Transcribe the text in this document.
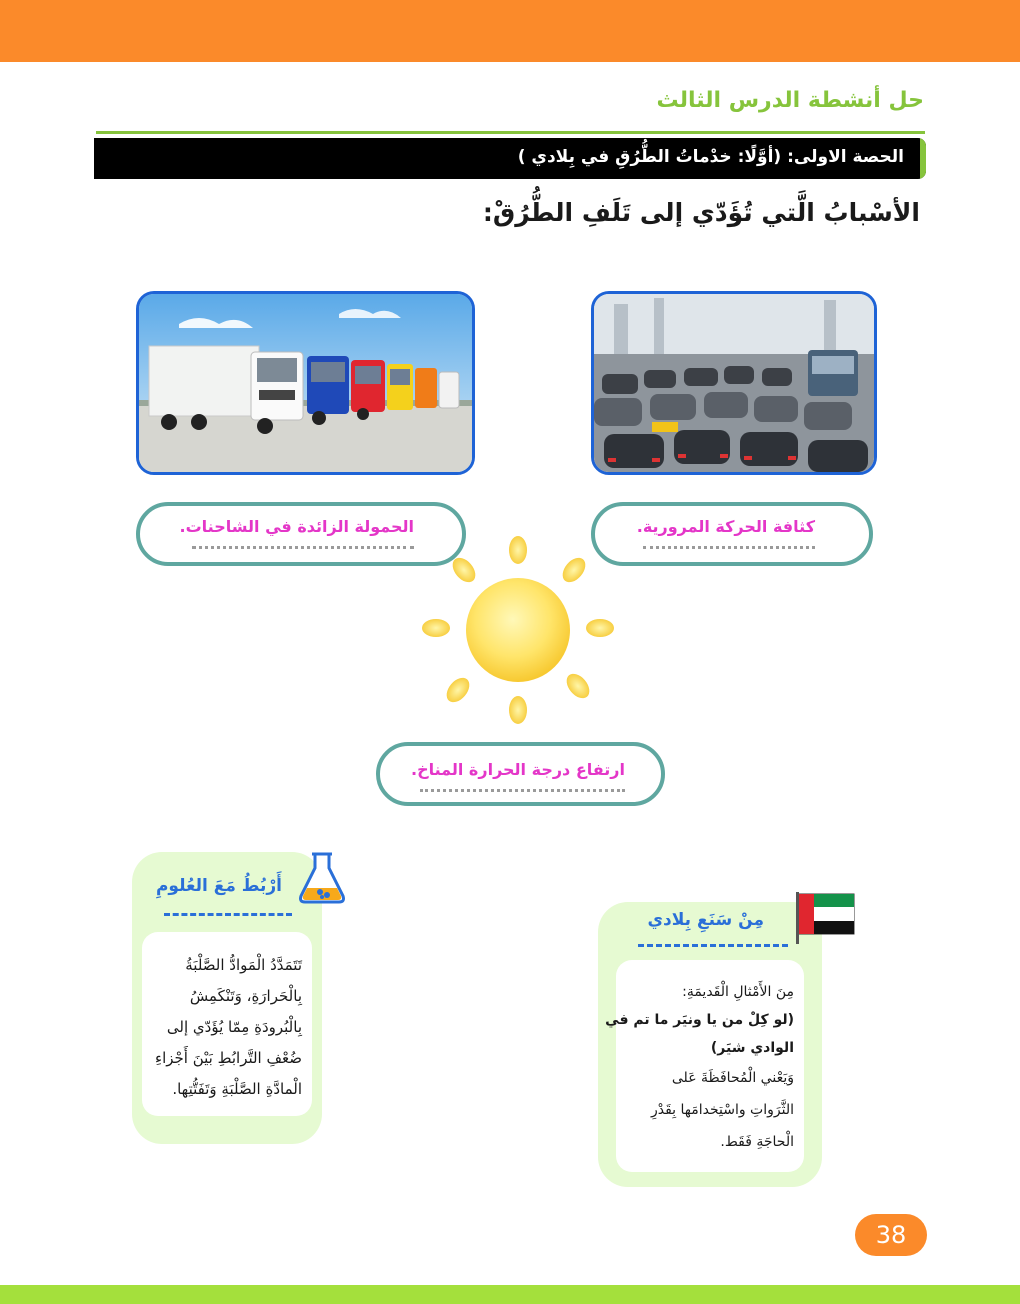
حل أنشطة الدرس الثالث
الحصة الاولى: (أوَّلًا: خدْماتُ الطُّرُقِ في بِلادي )
الأسْبابُ الَّتي تُؤَدّي إلى تَلَفِ الطُّرُقْ:
الحمولة الزائدة في الشاحنات.	كثافة الحركة المرورية.
ارتفاع درجة الحرارة المناخ.
أَرْبُطُ مَعَ العُلومِ

تَتَمَدَّدُ الْمَوادُّ الصَّلْبَةُ بِالْحَرارَةِ، وَتَنْكَمِشُ بِالْبُرودَةِ مِمّا يُؤَدّي إلى ضُعْفِ التَّرابُطِ بَيْنَ أَجْزاءِ الْمادَّةِ الصَّلْبَةِ وَتَفَتُّتِها.

مِنْ سَنَعِ بِلادي
مِنَ الأَمْثالِ الْقَديمَةِ:
(لو كِلْ من يا ونيَر ما تم في
الوادي شيَر)
وَيَعْني الْمُحافَظَةَ عَلى
الثَّرَواتِ واسْتِخدامَها بِقَدْرِ
الْحاجَةِ فَقَط.
38
